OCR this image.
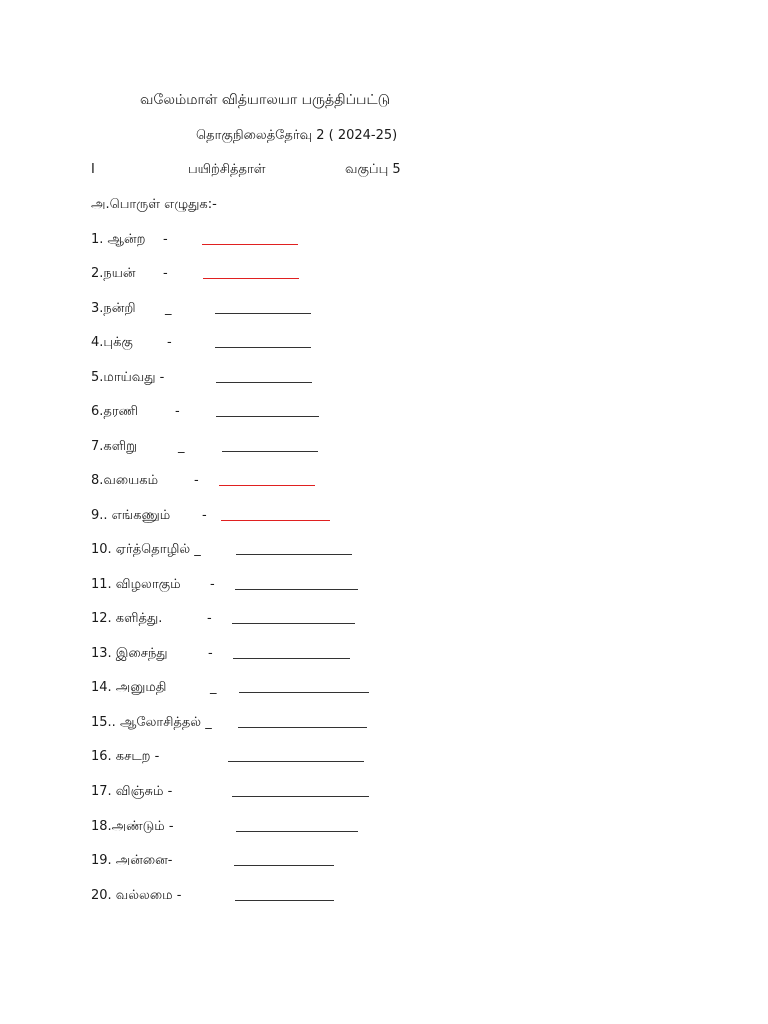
வலேம்மாள் வித்யாலயா பருத்திப்பட்டு
தொகுநிலைத்தேர்வு 2 ( 2024-25)
I	பயிற்சித்தாள்	வகுப்பு 5
அ.பொருள் எழுதுக:-
1. ஆன்ற -
2.நயன் -
3.நன்றி _
4.புக்கு	-
5.மாய்வது -
6.தரணி	-
7.களிறு	_
8.வயைகம்	-
9.. எங்கணும் -
10. ஏர்த்தொழில் _
11. விழலாகும் -
12. களித்து.	-
13. இசைந்து	-
14. அனுமதி	_
15.. ஆலோசித்தல் _
16. கசடற -
17. விஞ்சும் -
18.அண்டும் -
19. அன்னை-
20. வல்லமை -
